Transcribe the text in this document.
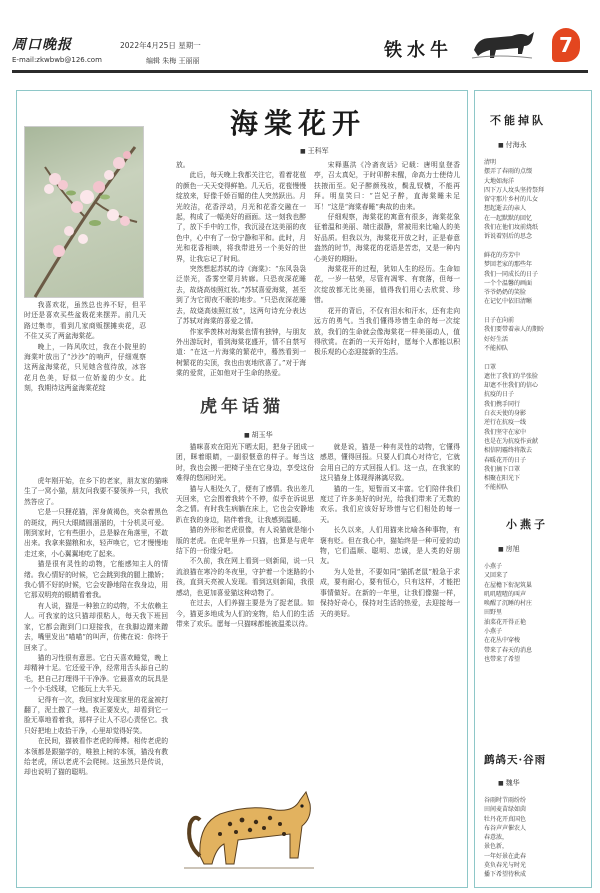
周口晚报
E-mail:zkwbwb@126.com
2022年4月25日 星期一
编辑 朱梅 王丽丽	铁水牛	7
海棠花开
■ 王科军

我喜欢花，虽然总也养不好，但平时还是喜欢买些盆栽花来摆弄。前几天路过集市，看到几家商贩摆摊卖花，忍不住又买了两盆海棠花。

晚上，一阵风吹过，我在小院里的海棠叶放出了“沙沙”的响声，仔细观察这两盆海棠花，只见她含苞待放，冰容花月色美，好似一位娇羞的少女。此刻，我期待这两盆海棠花绽

放。

此后，每天晚上我都关注它，看着花苞的颜色一天天变得鲜艳。几天后，花苞慢慢绽放来，好像千娇百媚的佳人突然跃出。月光皎洁，花香浮动，月光和花香交融在一起，构成了一幅美好的画面。这一刻我也醉了，放下手中的工作，我沉浸在这美丽的夜色中，心中有了一份宁静和平和。此时，月光和花香相映，将我带进另一个美好的世界，让我忘记了时间。

突然想起苏轼的诗《海棠》：“东风袅袅泛崇光，香雾空蒙月转廊。只恐夜深花睡去，故烧高烛照红妆。”苏轼喜爱海棠，甚至到了为它彻夜不眠的地步。“只恐夜深花睡去，故烧高烛照红妆”，这两句诗充分表达了苏轼对海棠的喜爱之情。

作家季羡林对海棠也情有独钟，与朋友外出游玩时，看到海棠花盛开，情不自禁写道：“在这一片海棠的繁花中，蓦然看到一树繁花的尖顶，我也由衷地欣喜了。”对于海棠的爱赏，正如他对于生命的热爱。

宋释惠洪《冷斋夜话》记载：唐明皇登香亭，召太真妃，于时卯醉未醒，命高力士使侍儿扶掖而至。妃子醉颜残妆，鬓乱钗横，不能再拜。明皇笑曰：“岂妃子醉，直海棠睡未足耳！”这是“海棠春睡”典故的由来。

仔细观察，海棠花的寓意有很多，海棠花象征着温和美丽、端庄淑静，常被用来比喻人的美好品质。但我以为，海棠花开放之时，正是春意盎然的时节，海棠花的花语是苦恋，又是一种内心美好的期盼。

海棠花开的过程，犹如人生的经历。生命如花，一岁一枯荣，尽管有凋零、有衰落，但每一次绽放都无比美丽，值得我们用心去欣赏、珍惜。

花开的背后，不仅有泪水和汗水，还有走向远方的勇气。当我们懂得珍惜生命的每一次绽放，我们的生命就会像海棠花一样美丽动人，值得欣赏。在新的一天开始时，愿每个人都能以积极乐观的心态迎接新的生活。

虎年话猫
■ 胡玉华

虎年刚开始，在乡下的老家，朋友家的猫咪生了一窝小猫，朋友问我要不要领养一只，我欣然答应了。

它是一只狸花猫，浑身黄褐色，夹杂着黑色的斑纹，两只大眼睛圆溜溜的，十分机灵可爱。刚到家时，它有些胆小，总是躲在角落里，不敢出来。我拿来猫粮和水，轻声唤它，它才慢慢地走过来，小心翼翼地吃了起来。

猫是很有灵性的动物，它能感知主人的情绪。我心情好的时候，它会跳到我的腿上撒娇；我心情不好的时候，它会安静地陪在我身边，用它那双明亮的眼睛看着我。

有人说，猫是一种独立的动物，不太依赖主人。可我家的这只猫却很粘人，每天我下班回家，它都会跑到门口迎接我，在我脚边蹭来蹭去，嘴里发出“喵喵”的叫声，仿佛在说：你终于回来了。

猫的习性很有意思。它白天喜欢睡觉，晚上却精神十足。它还爱干净，经常用舌头舔自己的毛，把自己打理得干干净净。它最喜欢的玩具是一个小毛线球，它能玩上大半天。

记得有一次，我回家时发现家里的花盆被打翻了，泥土撒了一地。我正要发火，却看到它一脸无辜地看着我，那样子让人不忍心责怪它。我只好把地上收拾干净，心里却觉得好笑。

在民间，猫被看作老虎的师傅。相传老虎的本领都是跟猫学的，唯独上树的本领，猫没有教给老虎，所以老虎不会爬树。这虽然只是传说，却也说明了猫的聪明。

猫咪喜欢在阳光下晒太阳，把身子团成一团，眯着眼睛，一副很惬意的样子。每当这时，我也会搬一把椅子坐在它身边，享受这份难得的悠闲时光。

猫与人相处久了，便有了感情。我出差几天回来，它会围着我转个不停，似乎在诉说思念之情。有时我生病躺在床上，它也会安静地趴在我的身边，陪伴着我，让我感到温暖。

猫的外形和老虎很像，有人说猫就是缩小版的老虎。在虎年里养一只猫，也算是与虎年结下的一份缘分吧。

不久前，我在网上看到一则新闻，说一只流浪猫在寒冷的冬夜里，守护着一个迷路的小孩，直到天亮被人发现。看到这则新闻，我很感动，也更加喜爱猫这种动物了。

在过去，人们养猫主要是为了捉老鼠。如今，猫更多地成为人们的宠物，给人们的生活带来了欢乐。愿每一只猫咪都能被温柔以待。

就是说，猫是一种有灵性的动物，它懂得感恩，懂得回报。只要人们真心对待它，它就会用自己的方式回报人们。这一点，在我家的这只猫身上体现得淋漓尽致。

猫的一生，短暂而又丰富。它们陪伴我们度过了许多美好的时光，给我们带来了无数的欢乐。我们应该好好珍惜与它们相处的每一天。

长久以来，人们用猫来比喻各种事物，有褒有贬。但在我心中，猫始终是一种可爱的动物，它们温顺、聪明、忠诚，是人类的好朋友。

为人处世，不要如同“猫抓老鼠”般急于求成，要有耐心，要有恒心，只有这样，才能把事情做好。在新的一年里，让我们像猫一样，保持好奇心，保持对生活的热爱，去迎接每一天的美好。

不能掉队
■ 付海永
清明
摆弄了春雨的点缀
大地如海洋
四下万人坟头坚持祭拜
留守那片乡村的儿女
想起逝去的亲人
在一起默默的回忆
我们在他们坟前烧纸
诉说着别后的思念

鲜花的芬芳中
梦回老家的那些年
我们一同成长的日子
一个个温馨的画面
爷爷奶奶的笑脸
在记忆中依旧清晰

日子在向前
我们要带着亲人的期盼
好好生活
不能掉队

口罩
遮住了我们的半张脸
却遮不住我们的信心
抗疫的日子
我们携手同行
白衣天使的身影
逆行在抗疫一线
我们坚守在家中
也是在为抗疫作贡献
相信阴霾终将散去
春暖花开的日子
我们摘下口罩
相聚在阳光下
不能掉队
小燕子
■ 房旭
小燕子
又回来了
在屋檐下衔泥筑巢
叽叽喳喳的叫声
唤醒了沉睡的村庄
田野里
油菜花开得正艳
小燕子
在花丛中穿梭
带来了春天的消息
也带来了希望
鹧鸪天·谷雨
■ 魏华
谷雨时节雨纷纷
田间麦苗绿如茵
牡丹花开真国色
布谷声声催农人
春意浓，
景色新，
一年好景在此春
莫负春光与时光
播下希望待秋成
